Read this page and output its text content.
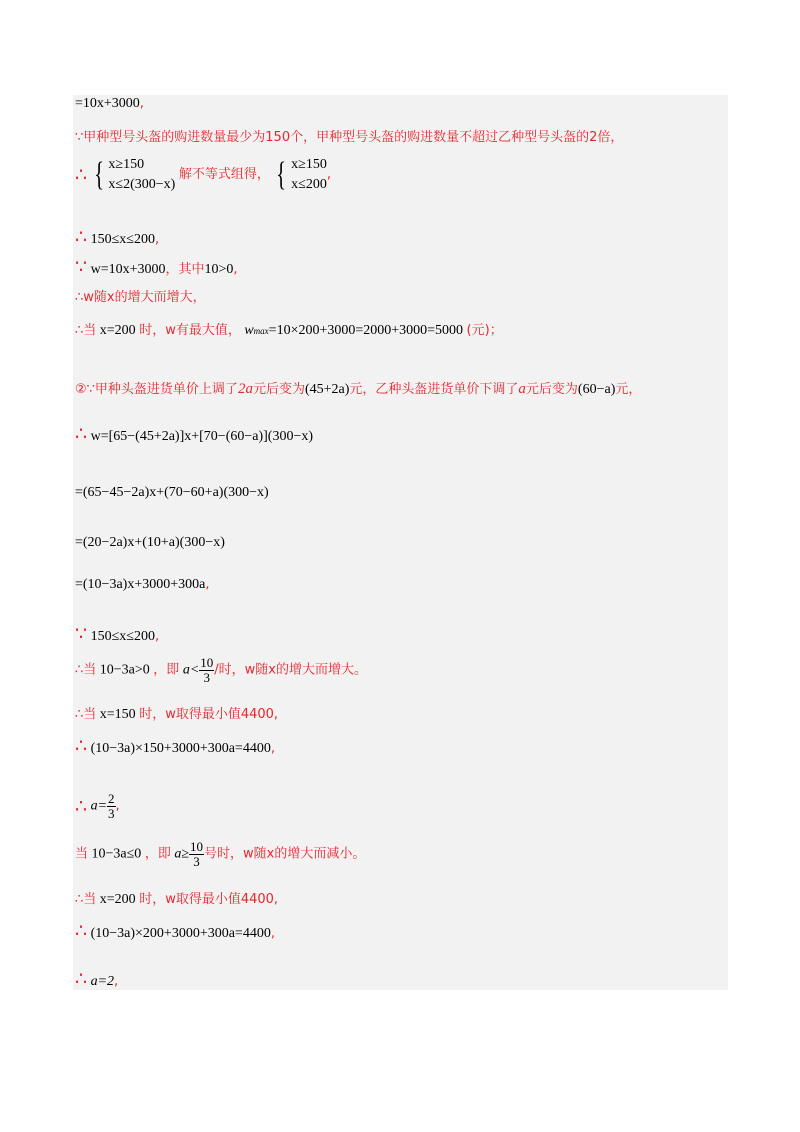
=10x+3000,
∵甲种型号头盔的购进数量最少为150个，甲种型号头盔的购进数量不超过乙种型号头盔的2倍，
∴ { x≥150
x≤2(300−x)
解不等式组得， { x≥150
x≤200
,
∴ 150≤x≤200,
∵ w=10x+3000，其中10>0,
∴w随x的增大而增大，
∴当 x=200 时，w有最大值， wmax=10×200+3000=2000+3000=5000 (元)；
②∵甲种头盔进货单价上调了2a元后变为(45+2a)元，乙种头盔进货单价下调了a元后变为(60−a)元，
∴ w=[65−(45+2a)]x+[70−(60−a)](300−x)
=(65−45−2a)x+(70−60+a)(300−x)
=(20−2a)x+(10+a)(300−x)
=(10−3a)x+3000+300a,
∵ 150≤x≤200,
∴当 10−3a>0 ，即 $a< \frac{10}{3}$ /时，w随x的增大而增大。
∴当 x=150 时，w取得最小值4400,
∴ (10−3a)×150+3000+300a=4400,
∴ $a= \frac{2}{3}$ ,
当 10−3a≤0 ，即 $a\ge \frac{10}{3}$ 号时，w随x的增大而减小。
∴当 x=200 时，w取得最小值4400,
∴ (10−3a)×200+3000+300a=4400,
∴ a=2,
